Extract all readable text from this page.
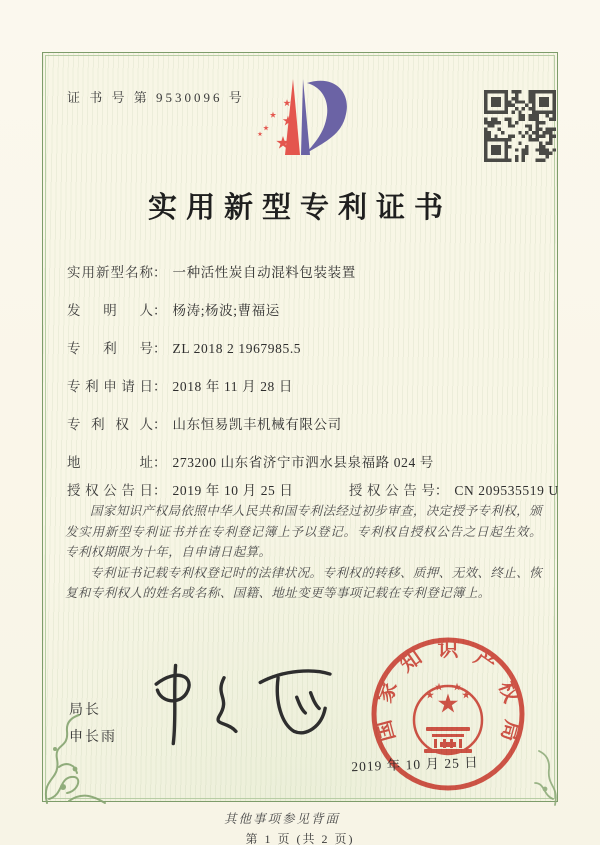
证 书 号 第 9530096 号
实用新型专利证书
实用新型名称： 一种活性炭自动混料包装装置
发明人： 杨涛;杨波;曹福运
专利号： ZL 2018 2 1967985.5
专利申请日： 2018 年 11 月 28 日
专利权人： 山东恒易凯丰机械有限公司
地址： 273200 山东省济宁市泗水县泉福路 024 号
授权公告日： 2019 年 10 月 25 日	授权公告号： CN 209535519 U

国家知识产权局依照中华人民共和国专利法经过初步审查，决定授予专利权，颁发实用新型专利证书并在专利登记簿上予以登记。专利权自授权公告之日起生效。专利权期限为十年，自申请日起算。

专利证书记载专利权登记时的法律状况。专利权的转移、质押、无效、终止、恢复和专利权人的姓名或名称、国籍、地址变更等事项记载在专利登记簿上。

局长
申长雨
第 1 页 (共 2 页)
国
家
知 识 产
权
局
2019 年 10 月 25 日
其他事项参见背面
